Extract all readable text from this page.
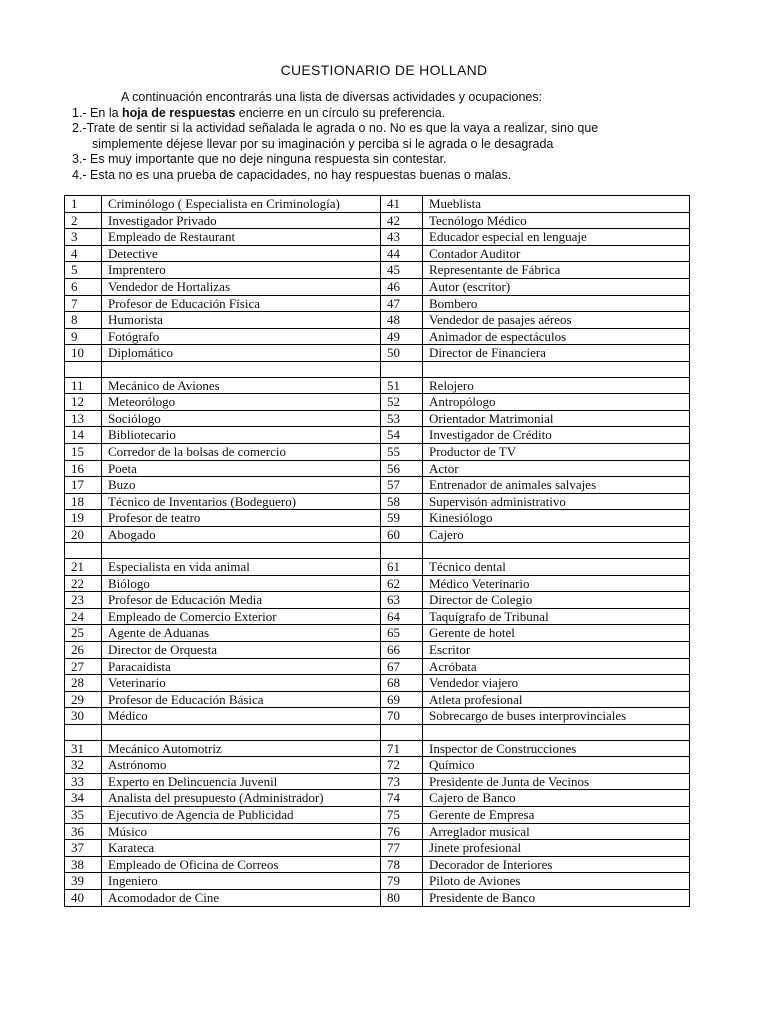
CUESTIONARIO DE HOLLAND
A continuación encontrarás una lista de diversas actividades y ocupaciones:
1.- En la hoja de respuestas encierre en un círculo su preferencia.
2.-Trate de sentir si la actividad señalada le agrada o no. No es que la vaya a realizar, sino que
simplemente déjese llevar por su imaginación y perciba si le agrada o le desagrada
3.- Es muy importante que no deje ninguna respuesta sin contestar.
4.- Esta no es una prueba de capacidades, no hay respuestas buenas o malas.
1	Criminólogo ( Especialista en Criminología)	41	Mueblista
2	Investigador Privado	42	Tecnólogo Médico
3	Empleado de Restaurant	43	Educador especial en lenguaje
4	Detective	44	Contador Auditor
5	Imprentero	45	Representante de Fábrica
6	Vendedor de Hortalizas	46	Autor (escritor)
7	Profesor de Educación Física	47	Bombero
8	Humorista	48	Vendedor de pasajes aéreos
9	Fotógrafo	49	Animador de espectáculos
10	Diplomático	50	Director de Financiera

11	Mecánico de Aviones	51	Relojero
12	Meteorólogo	52	Antropólogo
13	Sociólogo	53	Orientador Matrimonial
14	Bibliotecario	54	Investigador de Crédito
15	Corredor de la bolsas de comercio	55	Productor de TV
16	Poeta	56	Actor
17	Buzo	57	Entrenador de animales salvajes
18	Técnico de Inventarios (Bodeguero)	58	Supervisón administrativo
19	Profesor de teatro	59	Kinesiólogo
20	Abogado	60	Cajero

21	Especialista en vida animal	61	Técnico dental
22	Biólogo	62	Médico Veterinario
23	Profesor de Educación Media	63	Director de Colegio
24	Empleado de Comercio Exterior	64	Taquígrafo de Tribunal
25	Agente de Aduanas	65	Gerente de hotel
26	Director de Orquesta	66	Escritor
27	Paracaidista	67	Acróbata
28	Veterinario	68	Vendedor viajero
29	Profesor de Educación Básica	69	Atleta profesional
30	Médico	70	Sobrecargo de buses interprovinciales

31	Mecánico Automotriz	71	Inspector de Construcciones
32	Astrónomo	72	Químico
33	Experto en Delincuencia Juvenil	73	Presidente de Junta de Vecinos
34	Analista del presupuesto (Administrador)	74	Cajero de Banco
35	Ejecutivo de Agencia de Publicidad	75	Gerente de Empresa
36	Músico	76	Arreglador musical
37	Karateca	77	Jinete profesional
38	Empleado de Oficina de Correos	78	Decorador de Interiores
39	Ingeniero	79	Piloto de Aviones
40	Acomodador de Cine	80	Presidente de Banco
